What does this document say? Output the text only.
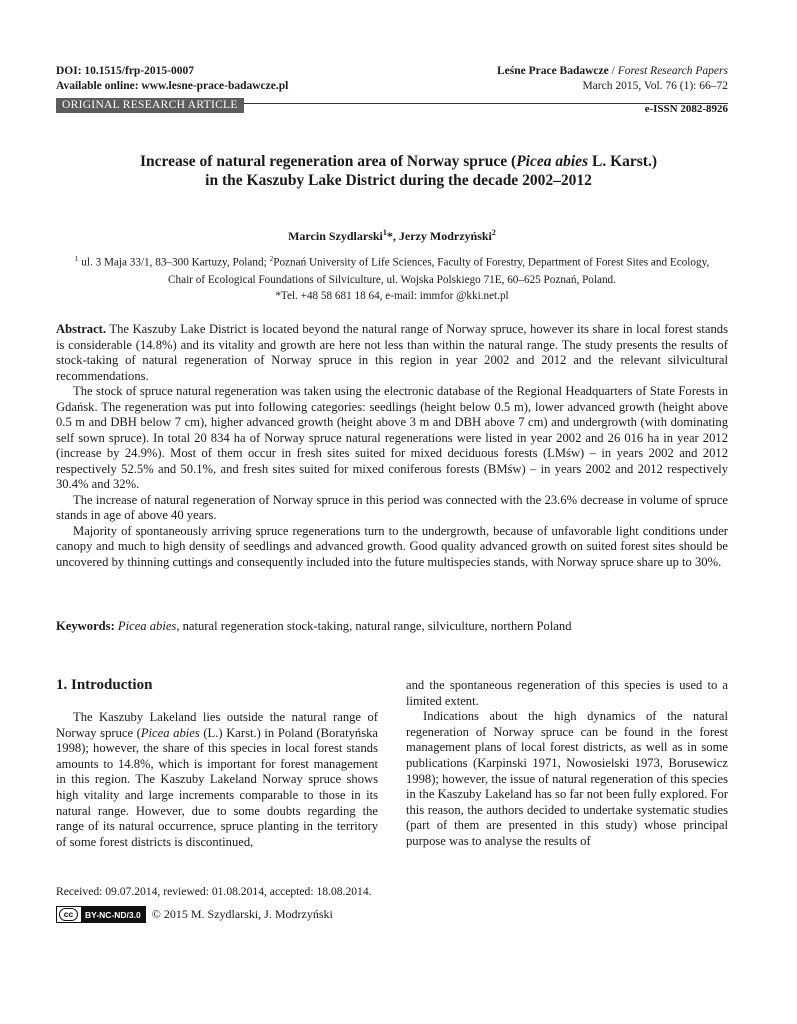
DOI: 10.1515/frp-2015-0007
Available online: www.lesne-prace-badawcze.pl
Leśne Prace Badawcze / Forest Research Papers
March 2015, Vol. 76 (1): 66–72
ORIGINAL RESEARCH ARTICLE	e-ISSN 2082-8926
Increase of natural regeneration area of Norway spruce (Picea abies L. Karst.)
in the Kaszuby Lake District during the decade 2002–2012
Marcin Szydlarski$^1$*, Jerzy Modrzyński$^2$
$^1$ ul. 3 Maja 33/1, 83–300 Kartuzy, Poland; $^2$Poznań University of Life Sciences, Faculty of Forestry, Department of Forest Sites and Ecology, Chair of Ecological Foundations of Silviculture, ul. Wojska Polskiego 71E, 60–625 Poznań, Poland.
*Tel. +48 58 681 18 64, e-mail: immfor @kki.net.pl

Abstract. The Kaszuby Lake District is located beyond the natural range of Norway spruce, however its share in local forest stands is considerable (14.8%) and its vitality and growth are here not less than within the natural range. The study presents the results of stock-taking of natural regeneration of Norway spruce in this region in year 2002 and 2012 and the relevant silvicultural recommendations.

The stock of spruce natural regeneration was taken using the electronic database of the Regional Headquarters of State Forests in Gdańsk. The regeneration was put into following categories: seedlings (height below 0.5 m), lower advanced growth (height above 0.5 m and DBH below 7 cm), higher advanced growth (height above 3 m and DBH above 7 cm) and undergrowth (with dominating self sown spruce). In total 20 834 ha of Norway spruce natural regenerations were listed in year 2002 and 26 016 ha in year 2012 (increase by 24.9%). Most of them occur in fresh sites suited for mixed deciduous forests (LMśw) – in years 2002 and 2012 respectively 52.5% and 50.1%, and fresh sites suited for mixed coniferous forests (BMśw) – in years 2002 and 2012 respectively 30.4% and 32%.

The increase of natural regeneration of Norway spruce in this period was connected with the 23.6% decrease in volume of spruce stands in age of above 40 years.

Majority of spontaneously arriving spruce regenerations turn to the undergrowth, because of unfavorable light conditions under canopy and much to high density of seedlings and advanced growth. Good quality advanced growth on suited forest sites should be uncovered by thinning cuttings and consequently included into the future multispecies stands, with Norway spruce share up to 30%.

Keywords: Picea abies, natural regeneration stock-taking, natural range, silviculture, northern Poland

1. Introduction

The Kaszuby Lakeland lies outside the natural range of Norway spruce (Picea abies (L.) Karst.) in Poland (Boratyńska 1998); however, the share of this species in local forest stands amounts to 14.8%, which is important for forest management in this region. The Kaszuby Lakeland Norway spruce shows high vitality and large increments comparable to those in its natural range. However, due to some doubts regarding the range of its natural occurrence, spruce planting in the territory of some forest districts is discontinued,

and the spontaneous regeneration of this species is used to a limited extent.

Indications about the high dynamics of the natural regeneration of Norway spruce can be found in the forest management plans of local forest districts, as well as in some publications (Karpinski 1971, Nowosielski 1973, Borusewicz 1998); however, the issue of natural regeneration of this species in the Kaszuby Lakeland has so far not been fully explored. For this reason, the authors decided to undertake systematic studies (part of them are presented in this study) whose principal purpose was to analyse the results of

Received: 09.07.2014, reviewed: 01.08.2014, accepted: 18.08.2014.
cc	BY-NC-ND/3.0 © 2015 M. Szydlarski, J. Modrzyński
